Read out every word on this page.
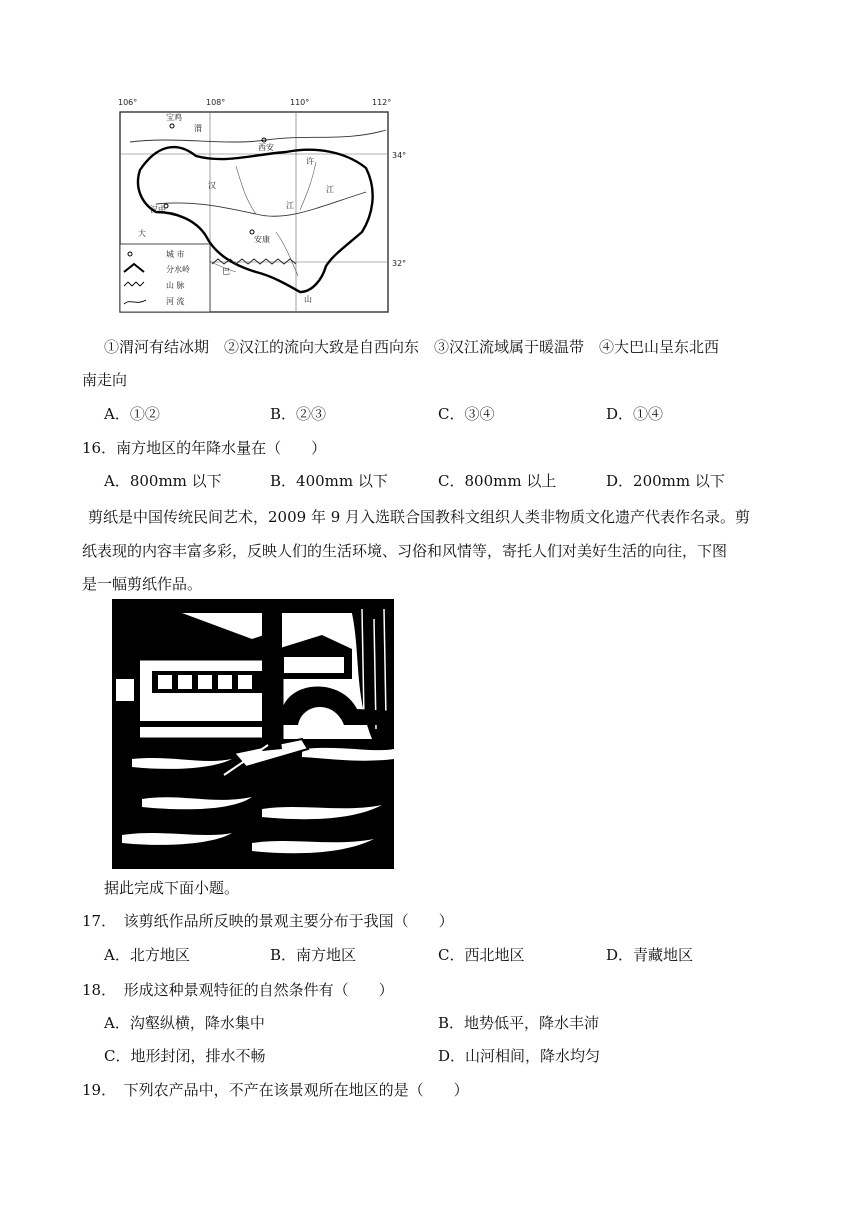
106°	108°	110°	112°
34°
32°
宝鸡
渭
西安
汉中
安康
汉
江
许
江
大
巴
山
城 市
分水岭
山 脉
河 流
①渭河有结冰期　②汉江的流向大致是自西向东　③汉江流域属于暖温带　④大巴山呈东北西
南走向
A．①②	B．②③	C．③④	D．①④
16．南方地区的年降水量在（　　）
A．800mm 以下	B．400mm 以下	C．800mm 以上	D．200mm 以下
剪纸是中国传统民间艺术，2009 年 9 月入选联合国教科文组织人类非物质文化遗产代表作名录。剪
纸表现的内容丰富多彩，反映人们的生活环境、习俗和风情等，寄托人们对美好生活的向往，下图
是一幅剪纸作品。
据此完成下面小题。
17．　该剪纸作品所反映的景观主要分布于我国（　　）
A．北方地区	B．南方地区	C．西北地区	D．青藏地区
18．　形成这种景观特征的自然条件有（　　）
A．沟壑纵横，降水集中	B．地势低平，降水丰沛
C．地形封闭，排水不畅	D．山河相间，降水均匀
19．　下列农产品中，不产在该景观所在地区的是（　　）
